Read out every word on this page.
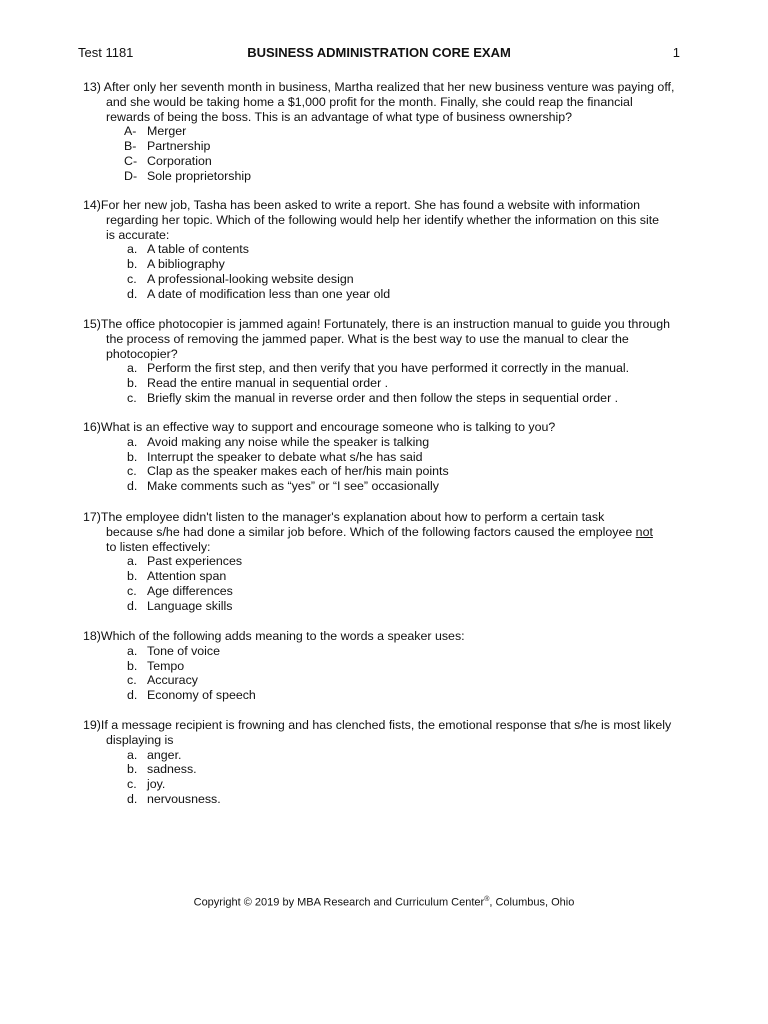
Test 1181	BUSINESS ADMINISTRATION CORE EXAM	1
13) After only her seventh month in business, Martha realized that her new business venture was paying off,
and she would be taking home a $1,000 profit for the month. Finally, she could reap the financial
rewards of being the boss. This is an advantage of what type of business ownership?
A- Merger
B- Partnership
C- Corporation
D- Sole proprietorship
14)For her new job, Tasha has been asked to write a report. She has found a website with information
regarding her topic. Which of the following would help her identify whether the information on this site
is accurate:
a. A table of contents
b. A bibliography
c. A professional-looking website design
d. A date of modification less than one year old
15)The office photocopier is jammed again! Fortunately, there is an instruction manual to guide you through
the process of removing the jammed paper. What is the best way to use the manual to clear the
photocopier?
a. Perform the first step, and then verify that you have performed it correctly in the manual.
b. Read the entire manual in sequential order .
c. Briefly skim the manual in reverse order and then follow the steps in sequential order .
16)What is an effective way to support and encourage someone who is talking to you?
a. Avoid making any noise while the speaker is talking
b. Interrupt the speaker to debate what s/he has said
c. Clap as the speaker makes each of her/his main points
d. Make comments such as “yes” or “I see” occasionally
17)The employee didn't listen to the manager's explanation about how to perform a certain task
because s/he had done a similar job before. Which of the following factors caused the employee not
to listen effectively:
a. Past experiences
b. Attention span
c. Age differences
d. Language skills
18)Which of the following adds meaning to the words a speaker uses:
a. Tone of voice
b. Tempo
c. Accuracy
d. Economy of speech
19)If a message recipient is frowning and has clenched fists, the emotional response that s/he is most likely
displaying is
a. anger.
b. sadness.
c. joy.
d. nervousness.
Copyright © 2019 by MBA Research and Curriculum Center®, Columbus, Ohio
